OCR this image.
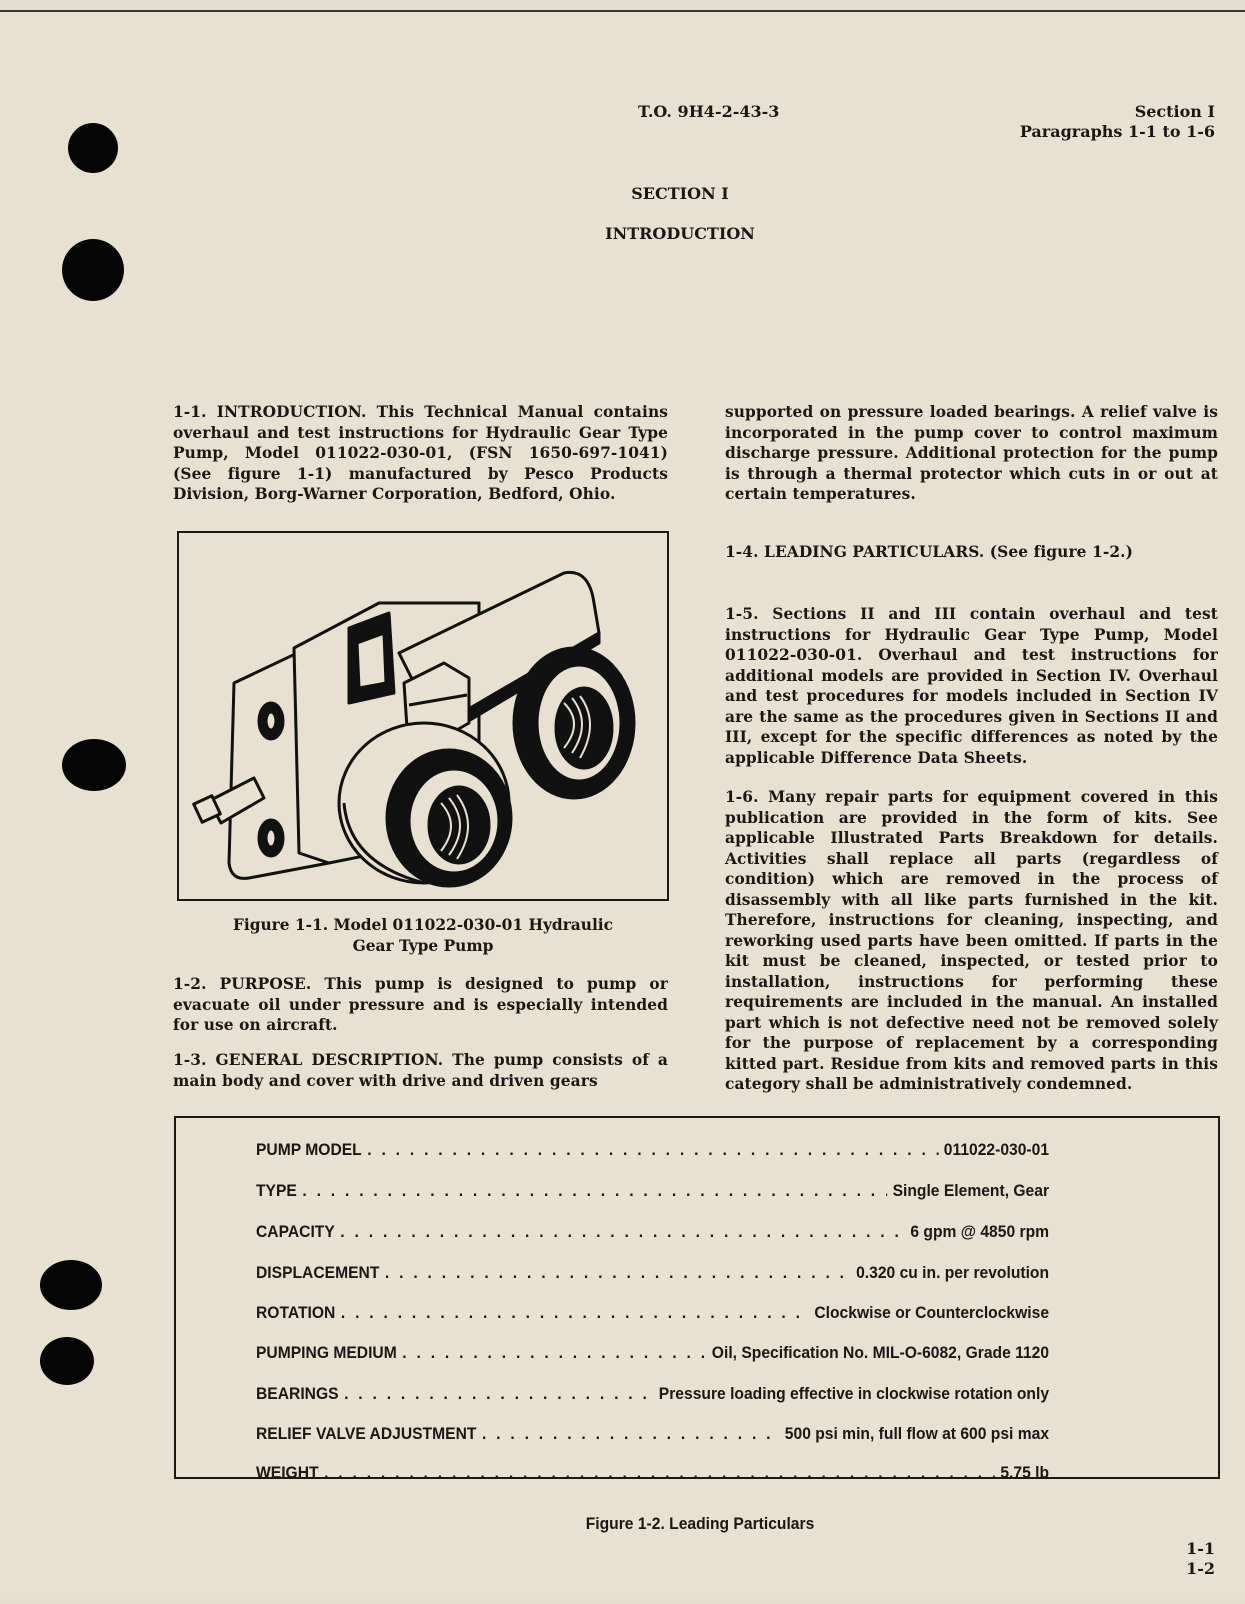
T.O. 9H4-2-43-3	Section I
Paragraphs 1-1 to 1-6
SECTION I
INTRODUCTION

1-1. INTRODUCTION. This Technical Manual contains overhaul and test instructions for Hydraulic Gear Type Pump, Model 011022-030-01, (FSN 1650-697-1041) (See figure 1-1) manufactured by Pesco Products Division, Borg-Warner Corporation, Bedford, Ohio.

Figure 1-1. Model 011022-030-01 Hydraulic
Gear Type Pump

1-2. PURPOSE. This pump is designed to pump or evacuate oil under pressure and is especially intended for use on aircraft.

1-3. GENERAL DESCRIPTION. The pump consists of a main body and cover with drive and driven gears

supported on pressure loaded bearings. A relief valve is incorporated in the pump cover to control maximum discharge pressure. Additional protection for the pump is through a thermal protector which cuts in or out at certain temperatures.

1-4. LEADING PARTICULARS. (See figure 1-2.)

1-5. Sections II and III contain overhaul and test instructions for Hydraulic Gear Type Pump, Model 011022-030-01. Overhaul and test instructions for additional models are provided in Section IV. Overhaul and test procedures for models included in Section IV are the same as the procedures given in Sections II and III, except for the specific differences as noted by the applicable Difference Data Sheets.

1-6. Many repair parts for equipment covered in this publication are provided in the form of kits. See applicable Illustrated Parts Breakdown for details. Activities shall replace all parts (regardless of condition) which are removed in the process of disassembly with all like parts furnished in the kit. Therefore, instructions for cleaning, inspecting, and reworking used parts have been omitted. If parts in the kit must be cleaned, inspected, or tested prior to installation, instructions for performing these requirements are included in the manual. An installed part which is not defective need not be removed solely for the purpose of replacement by a corresponding kitted part. Residue from kits and removed parts in this category shall be administratively condemned.

PUMP MODEL . . .	011022-030-01
TYPE . . .	Single Element, Gear
CAPACITY . . .	6 gpm @ 4850 rpm
DISPLACEMENT . . .	0.320 cu in. per revolution
ROTATION . . .	Clockwise or Counterclockwise
PUMPING MEDIUM . . .	Oil, Specification No. MIL-O-6082, Grade 1120
BEARINGS . . .	Pressure loading effective in clockwise rotation only
RELIEF VALVE ADJUSTMENT . . .	500 psi min, full flow at 600 psi max
WEIGHT . . .	5.75 lb
Figure 1-2. Leading Particulars
1-1
1-2
